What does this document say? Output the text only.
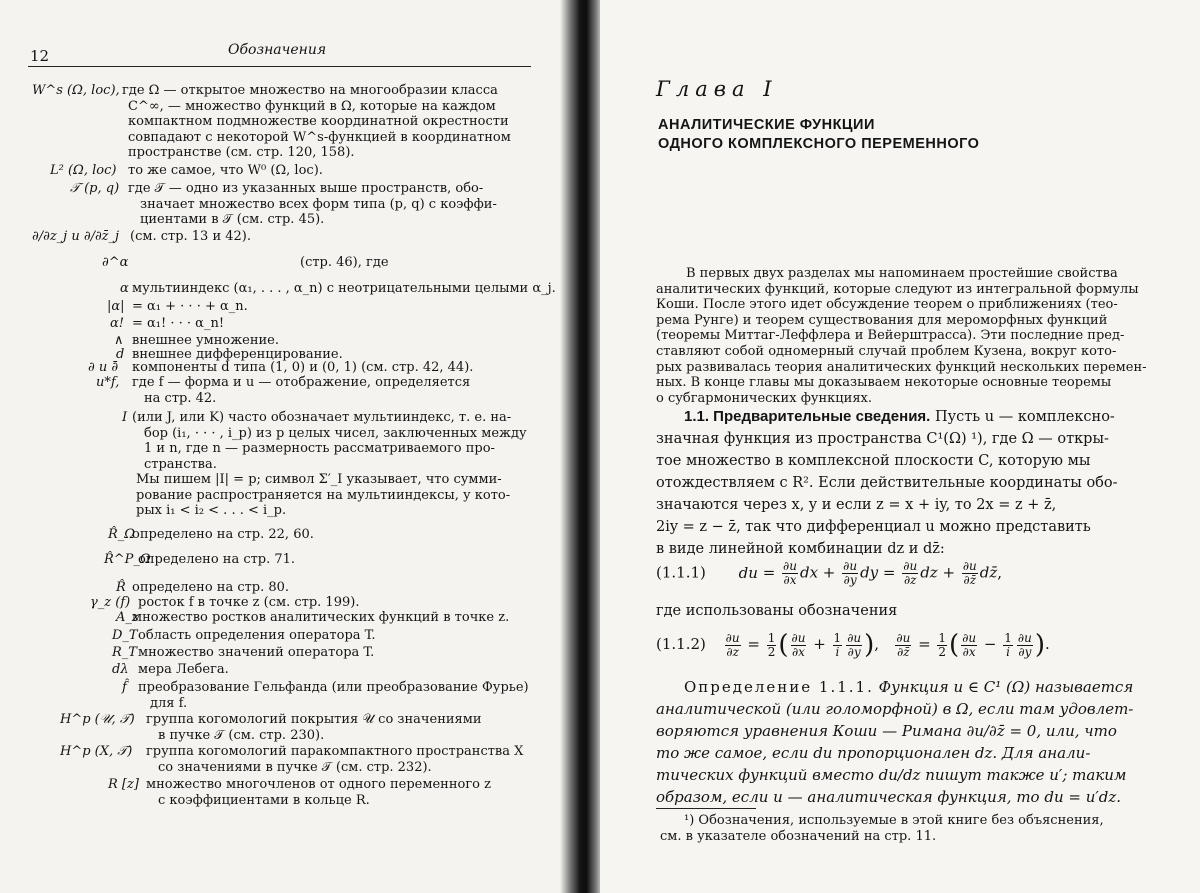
12	Обозначения
W^s (Ω, loc), где Ω — открытое множество на многообразии класса
C^∞, — множество функций в Ω, которые на каждом
компактном подмножестве координатной окрестности
совпадают с некоторой W^s-функцией в координатном
пространстве (см. стр. 120, 158).
L² (Ω, loc) то же самое, что W⁰ (Ω, loc).
𝒯 (p, q) где 𝒯 — одно из указанных выше пространств, обо-
значает множество всех форм типа (p, q) с коэффи-
циентами в 𝒯 (см. стр. 45).
∂/∂z_j и ∂/∂z̄_j (см. стр. 13 и 42).
∂^α	(стр. 46), где
α мультииндекс (α₁, . . . , α_n) с неотрицательными целыми α_j.
|α| = α₁ + · · · + α_n.
α! = α₁! · · · α_n!
∧ внешнее умножение.
d внешнее дифференцирование.
∂ и ∂̄ компоненты d типа (1, 0) и (0, 1) (см. стр. 42, 44).
u*f, где f — форма и u — отображение, определяется
на стр. 42.
I (или J, или K) часто обозначает мультииндекс, т. е. на-
бор (i₁, · · · , i_p) из p целых чисел, заключенных между
1 и n, где n — размерность рассматриваемого про-
странства.
Мы пишем |I| = p; символ Σ′_I указывает, что сумми-
рование распространяется на мультииндексы, у кото-
рых i₁ < i₂ < . . . < i_p.
R̂_Ω
определено на стр. 22, 60.
R̂^P_Ω
определено на стр. 71.
R̂ определено на стр. 80.
γ_z (f) росток f в точке z (см. стр. 199).
A_z
множество ростков аналитических функций в точке z.
D_T область определения оператора T.
R_T множество значений оператора T.
dλ мера Лебега.
f̂ преобразование Гельфанда (или преобразование Фурье)
для f.
H^p (𝒰, 𝒯) группа когомологий покрытия 𝒰 со значениями
в пучке 𝒯 (см. стр. 230).
H^p (X, 𝒯) группа когомологий паракомпактного пространства X
со значениями в пучке 𝒯 (см. стр. 232).
R [z] множество многочленов от одного переменного z
с коэффициентами в кольце R.
Глава I
АНАЛИТИЧЕСКИЕ ФУНКЦИИ
ОДНОГО КОМПЛЕКСНОГО ПЕРЕМЕННОГО

В первых двух разделах мы напоминаем простейшие свойства

аналитических функций, которые следуют из интегральной формулы

Коши. После этого идет обсуждение теорем о приближениях (тео-

рема Рунге) и теорем существования для мероморфных функций

(теоремы Миттаг-Леффлера и Вейерштрасса). Эти последние пред-

ставляют собой одномерный случай проблем Кузена, вокруг кото-

рых развивалась теория аналитических функций нескольких перемен-

ных. В конце главы мы доказываем некоторые основные теоремы

о субгармонических функциях.

1.1. Предварительные сведения. Пусть u — комплексно-
значная функция из пространства C¹(Ω) ¹), где Ω — откры-
тое множество в комплексной плоскости C, которую мы
отождествляем с R². Если действительные координаты обо-
значаются через x, y и если z = x + iy, то 2x = z + z̄,
2iy = z − z̄, так что дифференциал u можно представить
в виде линейной комбинации dz и dz̄:
(1.1.1) du = ∂u
∂x dx + ∂u
∂y dy = ∂u
∂z dz + ∂u
∂z̄ dz̄,
где использованы обозначения
(1.1.2) ∂u
∂z = 1
2 ( ∂u
∂x + 1
i
∂u
∂y ), ∂u
∂z̄ = 1
2 ( ∂u
∂x − 1
i
∂u
∂y ).
Определение 1.1.1. Функция u ∈ C¹ (Ω) называется
аналитической (или голоморфной) в Ω, если там удовлет-
воряются уравнения Коши — Римана ∂u/∂z̄ = 0, или, что
то же самое, если du пропорционален dz. Для анали-
тических функций вместо du/dz пишут также u′; таким
образом, если u — аналитическая функция, то du = u′dz.
¹) Обозначения, используемые в этой книге без объяснения,
см. в указателе обозначений на стр. 11.
